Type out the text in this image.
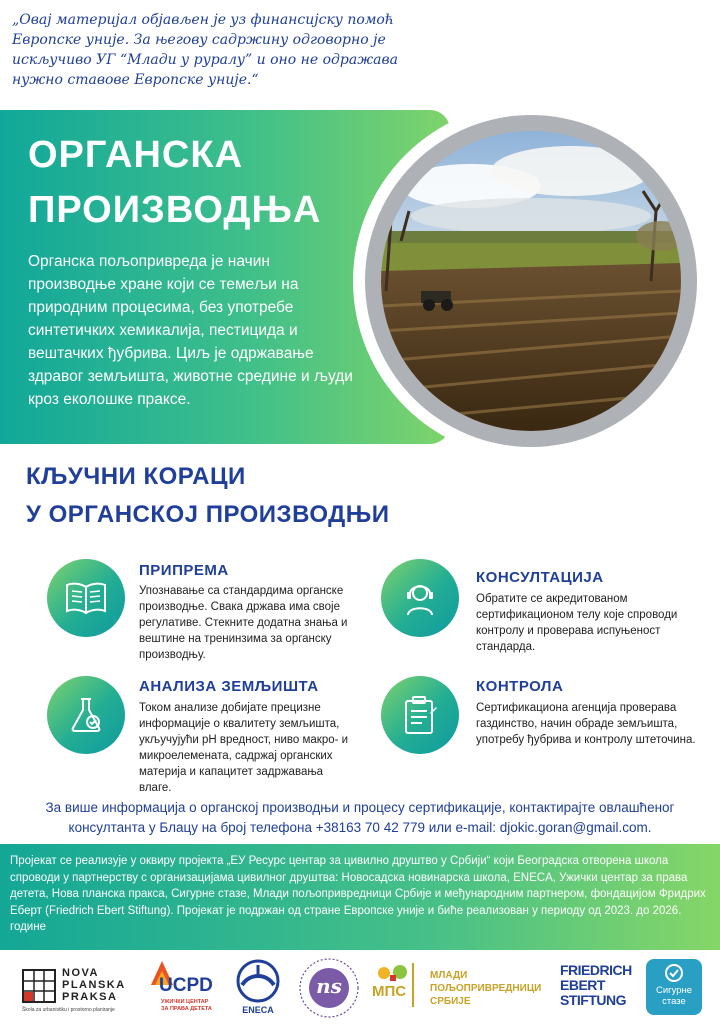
„Овај материјал објављен је уз финансијску помоћ Европске уније. За његову садржину одговорно је искључиво УГ “Млади у руралу” и оно не одражава нужно ставове Европске уније.“
ОРГАНСКА
ПРОИЗВОДЊА
Органска пољопривреда је начин производње хране који се темељи на природним процесима, без употребе синтетичких хемикалија, пестицида и вештачких ђубрива. Циљ је одржавање здравог земљишта, животне средине и људи кроз еколошке праксе.
КЉУЧНИ КОРАЦИ
У ОРГАНСКОЈ ПРОИЗВОДЊИ
ПРИПРЕМА
Упознавање са стандардима органске производње. Свака држава има своје регулативе. Стекните додатна знања и вештине на тренинзима за органску производњу.
КОНСУЛТАЦИЈА
Обратите се акредитованом сертификационом телу које спроводи контролу и проверава испуњеност стандарда.
АНАЛИЗА ЗЕМЉИШТА
Током анализе добијате прецизне информације о квалитету земљишта, укључујући pH вредност, ниво макро- и микроелемената, садржај органских материја и капацитет задржавања влаге.
КОНТРОЛА
Сертификациона агенција проверава газдинство, начин обраде земљишта, употребу ђубрива и контролу штеточина.
За више информација о органској производњи и процесу сертификације, контактирајте овлашћеног консултанта у Блацу на број телефона +38163 70 42 779 или e-mail: djokic.goran@gmail.com.

Пројекат се реализује у оквиру пројекта „ЕУ Ресурс центар за цивилно друштво у Србији“ који Београдска отворена школа спроводи у партнерству с организацијама цивилног друштва: Новосадска новинарска школа, ENECA, Ужички центар за права детета, Нова планска пракса, Сигурне стазе, Млади пољопривредници Србије и међународним партнером, фондацијом Фридрих Еберт (Friedrich Ebert Stiftung). Пројекат је подржан од стране Европске уније и биће реализован у периоду од 2023. до 2026. године

NOVA
PLANSKA
PRAKSA
Škola za urbanistiku i prostorno planiranje
UCPD
УЖИЧКИ ЦЕНТАР
ЗА ПРАВА ДЕТЕТА	ENECA
ns	МПС
МЛАДИ
ПОЉОПРИВРЕДНИЦИ
СРБИЈЕ
FRIEDRICH
EBERT
STIFTUNG
Сигурне
стазе
